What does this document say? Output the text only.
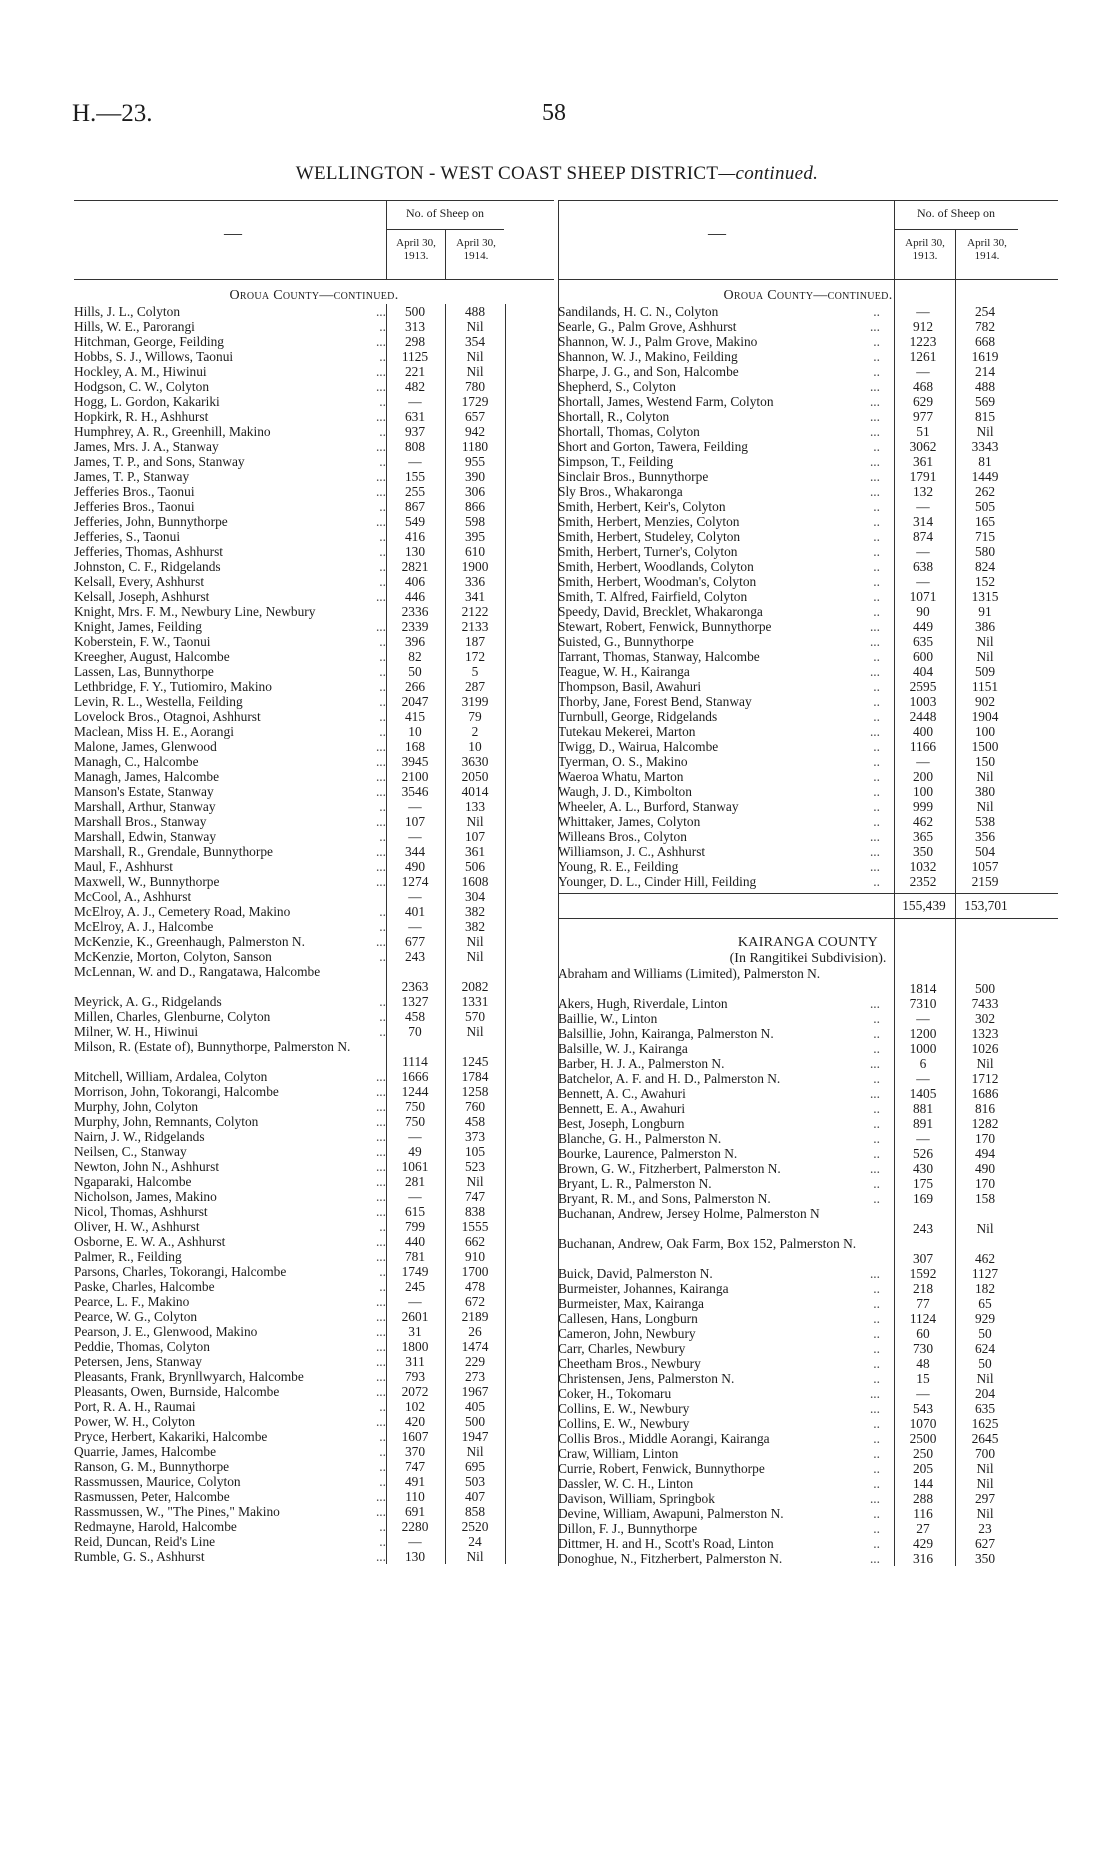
H.—23.	58
WELLINGTON - WEST COAST SHEEP DISTRICT—continued.
—
No. of Sheep on
April 30, 1913.
April 30, 1914.
Oroua County—continued.
Hills, J. L., Colyton	...	500	488
Hills, W. E., Parorangi	..	313	Nil
Hitchman, George, Feilding	...	298	354
Hobbs, S. J., Willows, Taonui	..	1125	Nil
Hockley, A. M., Hiwinui	...	221	Nil
Hodgson, C. W., Colyton	...	482	780
Hogg, L. Gordon, Kakariki	..	—	1729
Hopkirk, R. H., Ashhurst	...	631	657
Humphrey, A. R., Greenhill, Makino	..	937	942
James, Mrs. J. A., Stanway	...	808	1180
James, T. P., and Sons, Stanway	..	—	955
James, T. P., Stanway	...	155	390
Jefferies Bros., Taonui	...	255	306
Jefferies Bros., Taonui	..	867	866
Jefferies, John, Bunnythorpe	...	549	598
Jefferies, S., Taonui	..	416	395
Jefferies, Thomas, Ashhurst	..	130	610
Johnston, C. F., Ridgelands	..	2821	1900
Kelsall, Every, Ashhurst	..	406	336
Kelsall, Joseph, Ashhurst	...	446	341
Knight, Mrs. F. M., Newbury Line, Newbury	2336	2122
Knight, James, Feilding	...	2339	2133
Koberstein, F. W., Taonui	..	396	187
Kreegher, August, Halcombe	..	82	172
Lassen, Las, Bunnythorpe	..	50	5
Lethbridge, F. Y., Tutiomiro, Makino	..	266	287
Levin, R. L., Westella, Feilding	..	2047	3199
Lovelock Bros., Otagnoi, Ashhurst	..	415	79
Maclean, Miss H. E., Aorangi	..	10	2
Malone, James, Glenwood	...	168	10
Managh, C., Halcombe	...	3945	3630
Managh, James, Halcombe	...	2100	2050
Manson's Estate, Stanway	...	3546	4014
Marshall, Arthur, Stanway	..	—	133
Marshall Bros., Stanway	...	107	Nil
Marshall, Edwin, Stanway	..	—	107
Marshall, R., Grendale, Bunnythorpe	...	344	361
Maul, F., Ashhurst	...	490	506
Maxwell, W., Bunnythorpe	...	1274	1608
McCool, A., Ashhurst	—	304
McElroy, A. J., Cemetery Road, Makino	..	401	382
McElroy, A. J., Halcombe	..	—	382
McKenzie, K., Greenhaugh, Palmerston N.	...	677	Nil
McKenzie, Morton, Colyton, Sanson	..	243	Nil
McLennan, W. and D., Rangatawa, Halcombe
2363	2082
Meyrick, A. G., Ridgelands	..	1327	1331
Millen, Charles, Glenburne, Colyton	..	458	570
Milner, W. H., Hiwinui	..	70	Nil
Milson, R. (Estate of), Bunnythorpe, Palmerston N.
1114	1245
Mitchell, William, Ardalea, Colyton	...	1666	1784
Morrison, John, Tokorangi, Halcombe	...	1244	1258
Murphy, John, Colyton	...	750	760
Murphy, John, Remnants, Colyton	...	750	458
Nairn, J. W., Ridgelands	...	—	373
Neilsen, C., Stanway	...	49	105
Newton, John N., Ashhurst	...	1061	523
Ngaparaki, Halcombe	...	281	Nil
Nicholson, James, Makino	...	—	747
Nicol, Thomas, Ashhurst	...	615	838
Oliver, H. W., Ashhurst	..	799	1555
Osborne, E. W. A., Ashhurst	...	440	662
Palmer, R., Feilding	...	781	910
Parsons, Charles, Tokorangi, Halcombe	..	1749	1700
Paske, Charles, Halcombe	..	245	478
Pearce, L. F., Makino	...	—	672
Pearce, W. G., Colyton	...	2601	2189
Pearson, J. E., Glenwood, Makino	...	31	26
Peddie, Thomas, Colyton	...	1800	1474
Petersen, Jens, Stanway	...	311	229
Pleasants, Frank, Brynllwyarch, Halcombe	...	793	273
Pleasants, Owen, Burnside, Halcombe	...	2072	1967
Port, R. A. H., Raumai	..	102	405
Power, W. H., Colyton	...	420	500
Pryce, Herbert, Kakariki, Halcombe	..	1607	1947
Quarrie, James, Halcombe	..	370	Nil
Ranson, G. M., Bunnythorpe	..	747	695
Rassmussen, Maurice, Colyton	..	491	503
Rasmussen, Peter, Halcombe	...	110	407
Rassmussen, W., "The Pines," Makino	...	691	858
Redmayne, Harold, Halcombe	..	2280	2520
Reid, Duncan, Reid's Line	..	—	24
Rumble, G. S., Ashhurst	...	130	Nil
—
No. of Sheep on
April 30, 1913.
April 30, 1914.
Oroua County—continued.
Sandilands, H. C. N., Colyton	..	—	254
Searle, G., Palm Grove, Ashhurst	...	912	782
Shannon, W. J., Palm Grove, Makino	..	1223	668
Shannon, W. J., Makino, Feilding	..	1261	1619
Sharpe, J. G., and Son, Halcombe	..	—	214
Shepherd, S., Colyton	...	468	488
Shortall, James, Westend Farm, Colyton	...	629	569
Shortall, R., Colyton	...	977	815
Shortall, Thomas, Colyton	...	51	Nil
Short and Gorton, Tawera, Feilding	..	3062	3343
Simpson, T., Feilding	...	361	81
Sinclair Bros., Bunnythorpe	...	1791	1449
Sly Bros., Whakaronga	...	132	262
Smith, Herbert, Keir's, Colyton	..	—	505
Smith, Herbert, Menzies, Colyton	..	314	165
Smith, Herbert, Studeley, Colyton	..	874	715
Smith, Herbert, Turner's, Colyton	..	—	580
Smith, Herbert, Woodlands, Colyton	..	638	824
Smith, Herbert, Woodman's, Colyton	..	—	152
Smith, T. Alfred, Fairfield, Colyton	..	1071	1315
Speedy, David, Brecklet, Whakaronga	..	90	91
Stewart, Robert, Fenwick, Bunnythorpe	...	449	386
Suisted, G., Bunnythorpe	...	635	Nil
Tarrant, Thomas, Stanway, Halcombe	..	600	Nil
Teague, W. H., Kairanga	...	404	509
Thompson, Basil, Awahuri	..	2595	1151
Thorby, Jane, Forest Bend, Stanway	..	1003	902
Turnbull, George, Ridgelands	..	2448	1904
Tutekau Mekerei, Marton	...	400	100
Twigg, D., Wairua, Halcombe	..	1166	1500
Tyerman, O. S., Makino	..	—	150
Waeroa Whatu, Marton	..	200	Nil
Waugh, J. D., Kimbolton	..	100	380
Wheeler, A. L., Burford, Stanway	..	999	Nil
Whittaker, James, Colyton	..	462	538
Willeans Bros., Colyton	...	365	356
Williamson, J. C., Ashhurst	...	350	504
Young, R. E., Feilding	...	1032	1057
Younger, D. L., Cinder Hill, Feilding	..	2352	2159
155,439	153,701
KAIRANGA COUNTY
(In Rangitikei Subdivision).
Abraham and Williams (Limited), Palmerston N.
1814	500
Akers, Hugh, Riverdale, Linton	...	7310	7433
Baillie, W., Linton	..	—	302
Balsillie, John, Kairanga, Palmerston N.	..	1200	1323
Balsille, W. J., Kairanga	..	1000	1026
Barber, H. J. A., Palmerston N.	...	6	Nil
Batchelor, A. F. and H. D., Palmerston N.	..	—	1712
Bennett, A. C., Awahuri	...	1405	1686
Bennett, E. A., Awahuri	..	881	816
Best, Joseph, Longburn	..	891	1282
Blanche, G. H., Palmerston N.	..	—	170
Bourke, Laurence, Palmerston N.	..	526	494
Brown, G. W., Fitzherbert, Palmerston N.	...	430	490
Bryant, L. R., Palmerston N.	..	175	170
Bryant, R. M., and Sons, Palmerston N.	..	169	158
Buchanan, Andrew, Jersey Holme, Palmerston N
243	Nil
Buchanan, Andrew, Oak Farm, Box 152, Palmerston N.
307	462
Buick, David, Palmerston N.	...	1592	1127
Burmeister, Johannes, Kairanga	..	218	182
Burmeister, Max, Kairanga	..	77	65
Callesen, Hans, Longburn	..	1124	929
Cameron, John, Newbury	..	60	50
Carr, Charles, Newbury	..	730	624
Cheetham Bros., Newbury	..	48	50
Christensen, Jens, Palmerston N.	..	15	Nil
Coker, H., Tokomaru	...	—	204
Collins, E. W., Newbury	...	543	635
Collins, E. W., Newbury	..	1070	1625
Collis Bros., Middle Aorangi, Kairanga	..	2500	2645
Craw, William, Linton	..	250	700
Currie, Robert, Fenwick, Bunnythorpe	..	205	Nil
Dassler, W. C. H., Linton	..	144	Nil
Davison, William, Springbok	...	288	297
Devine, William, Awapuni, Palmerston N.	..	116	Nil
Dillon, F. J., Bunnythorpe	..	27	23
Dittmer, H. and H., Scott's Road, Linton	..	429	627
Donoghue, N., Fitzherbert, Palmerston N.	...	316	350
